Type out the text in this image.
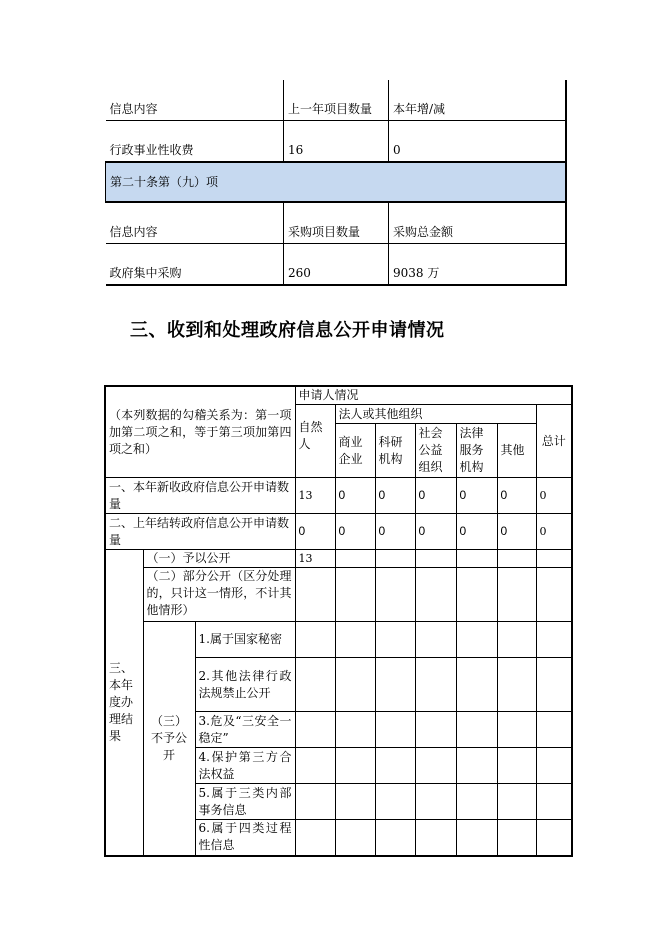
信息内容	上一年项目数量	本年增/减
行政事业性收费	16	0
第二十条第（九）项		
信息内容	采购项目数量	采购总金额
政府集中采购	260	9038 万
三、收到和处理政府信息公开申请情况
（本列数据的勾稽关系为：第一项加第二项之和，等于第三项加第四项之和）			申请人情况						
			自然人	法人或其他组织					总计
				商业企业	科研机构	社会公益组织	法律服务机构	其他	
一、本年新收政府信息公开申请数量			13	0	0	0	0	0	0
二、上年结转政府信息公开申请数量			0	0	0	0	0	0	0
三、本年度办理结果	（一）予以公开		13						
	（二）部分公开（区分处理的，只计这一情形，不计其他情形）								
	（三）不予公开	1.属于国家秘密							
		2.其他法律行政法规禁止公开							
		3.危及“三安全一稳定”							
		4.保护第三方合法权益							
		5.属于三类内部事务信息							
		6.属于四类过程性信息							
